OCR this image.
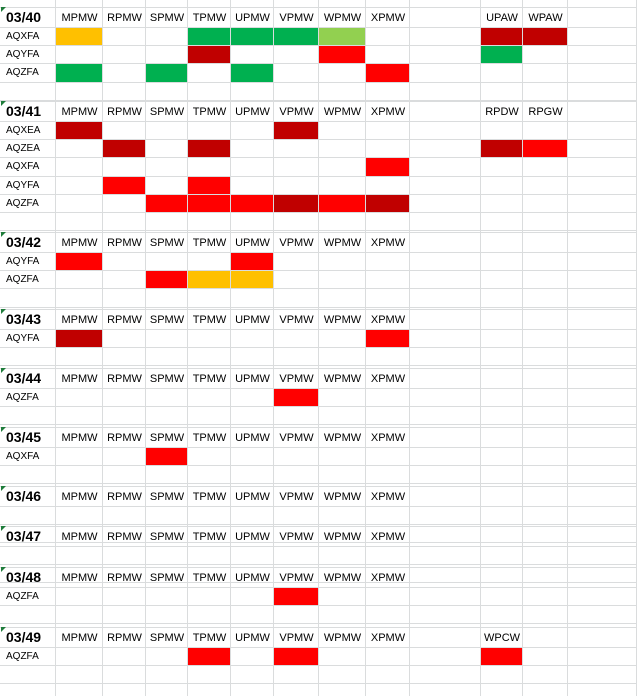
03/40	MPMW RPMW SPMW TPMW UPMW VPMW WPMW XPMW	UPAW WPAW
AQXFA
AQYFA
AQZFA
03/41	MPMW RPMW SPMW TPMW UPMW VPMW WPMW XPMW	RPDW RPGW
AQXEA
AQZEA
AQXFA
AQYFA
AQZFA
03/42	MPMW RPMW SPMW TPMW UPMW VPMW WPMW XPMW
AQYFA
AQZFA
03/43	MPMW RPMW SPMW TPMW UPMW VPMW WPMW XPMW
AQYFA
03/44	MPMW RPMW SPMW TPMW UPMW VPMW WPMW XPMW
AQZFA
03/45	MPMW RPMW SPMW TPMW UPMW VPMW WPMW XPMW
AQXFA
03/46	MPMW RPMW SPMW TPMW UPMW VPMW WPMW XPMW
03/47	MPMW RPMW SPMW TPMW UPMW VPMW WPMW XPMW
03/48	MPMW RPMW SPMW TPMW UPMW VPMW WPMW XPMW
AQZFA
03/49	MPMW RPMW SPMW TPMW UPMW VPMW WPMW XPMW	WPCW
AQZFA
